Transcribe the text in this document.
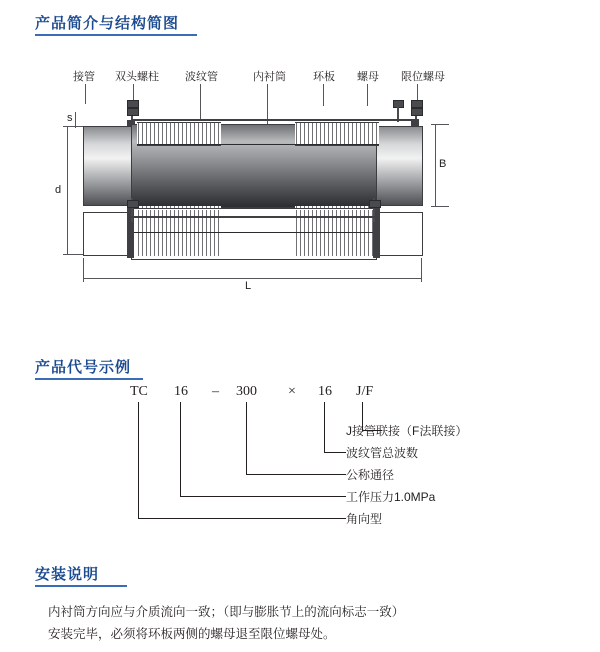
产品简介与结构简图
接管 双头螺柱 波纹管	内衬筒 环板 螺母 限位螺母
d
s
B
L
产品代号示例
TC 16 – 300 × 16 J/F
J接管联接（F法联接）
波纹管总波数
公称通径
工作压力1.0MPa
角向型
安装说明
内衬筒方向应与介质流向一致；（即与膨胀节上的流向标志一致）
安装完毕，必须将环板两侧的螺母退至限位螺母处。
